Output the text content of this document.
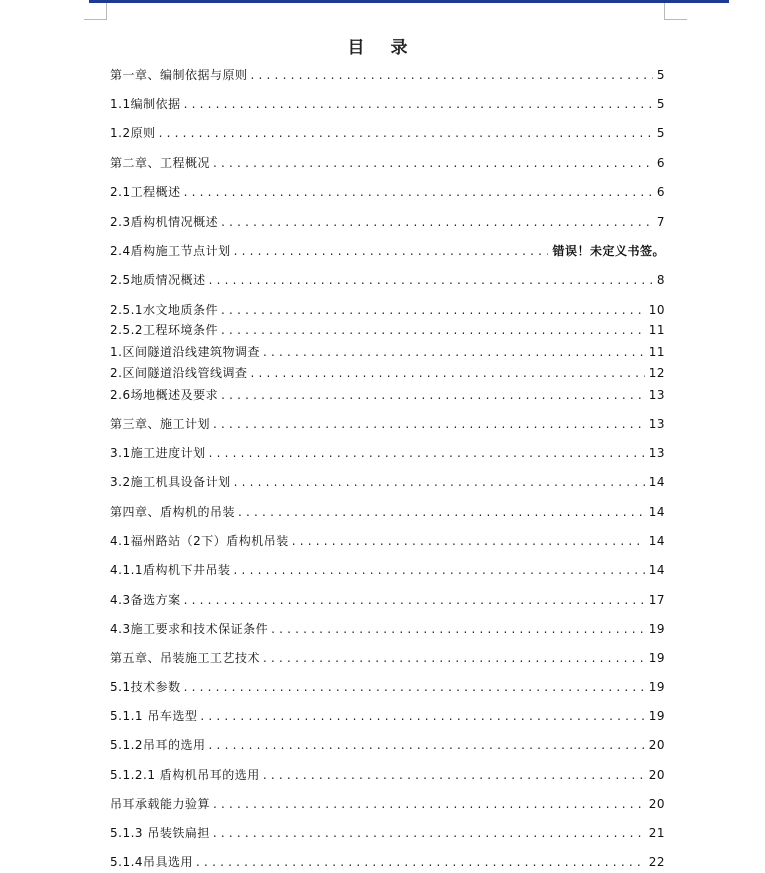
目 录
第一章、编制依据与原则 .....	5
1.1编制依据 .....	5
1.2原则 .....	5
第二章、工程概况 .....	6
2.1工程概述 .....	6
2.3盾构机情况概述 .....	7
2.4盾构施工节点计划 .....	错误！未定义书签。
2.5地质情况概述 .....	8
2.5.1水文地质条件 .....	10
2.5.2工程环境条件 .....	11
1.区间隧道沿线建筑物调查 .....	11
2.区间隧道沿线管线调查 .....	12
2.6场地概述及要求 .....	13
第三章、施工计划 .....	13
3.1施工进度计划 .....	13
3.2施工机具设备计划 .....	14
第四章、盾构机的吊装 .....	14
4.1福州路站（2下）盾构机吊装 .....	14
4.1.1盾构机下井吊装 .....	14
4.3备选方案 .....	17
4.3施工要求和技术保证条件 .....	19
第五章、吊装施工工艺技术 .....	19
5.1技术参数 .....	19
5.1.1 吊车选型 .....	19
5.1.2吊耳的选用 .....	20
5.1.2.1 盾构机吊耳的选用 .....	20
吊耳承载能力验算 .....	20
5.1.3 吊装铁扁担 .....	21
5.1.4吊具选用 .....	22
